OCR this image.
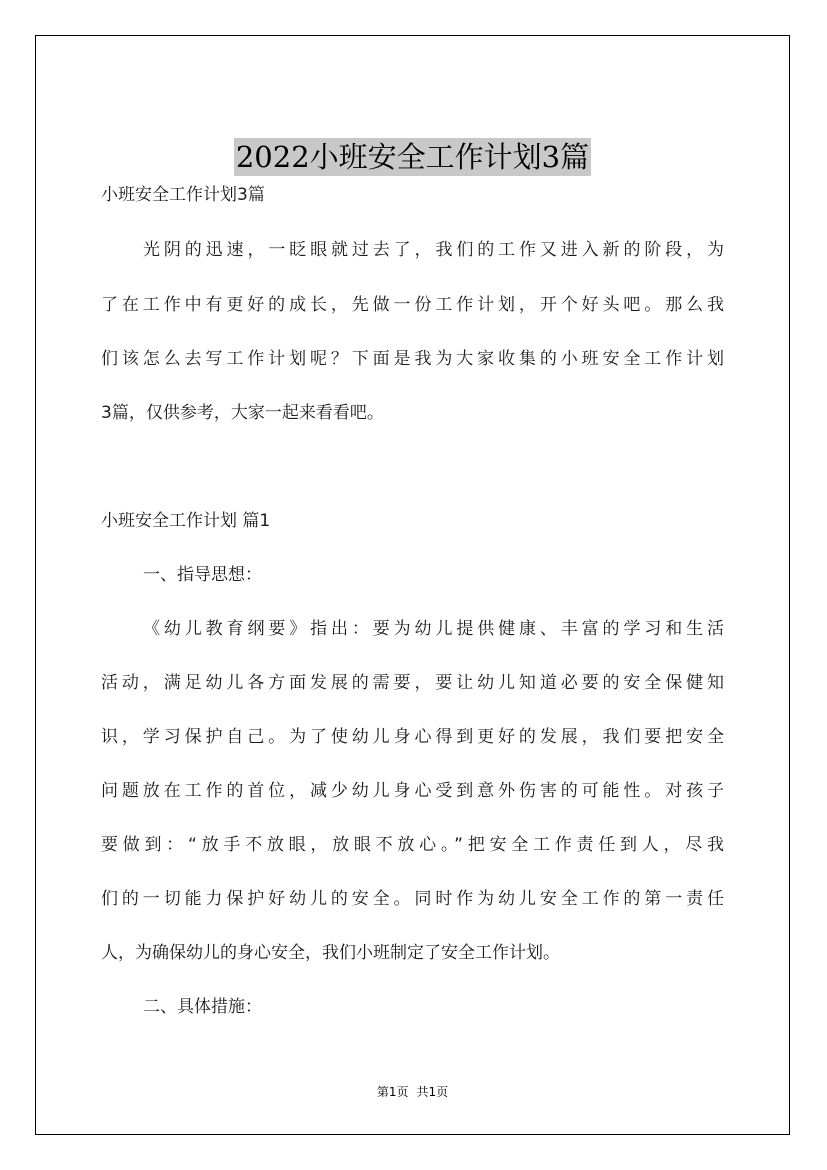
2022小班安全工作计划3篇
小班安全工作计划3篇
光阴的迅速，一眨眼就过去了，我们的工作又进入新的阶段，为
了在工作中有更好的成长，先做一份工作计划，开个好头吧。那么我
们该怎么去写工作计划呢？下面是我为大家收集的小班安全工作计划
3篇，仅供参考，大家一起来看看吧。
小班安全工作计划 篇1
一、指导思想：
《幼儿教育纲要》指出：要为幼儿提供健康、丰富的学习和生活
活动，满足幼儿各方面发展的需要，要让幼儿知道必要的安全保健知
识，学习保护自己。为了使幼儿身心得到更好的发展，我们要把安全
问题放在工作的首位，减少幼儿身心受到意外伤害的可能性。对孩子
要做到：“放手不放眼，放眼不放心。”把安全工作责任到人，尽我
们的一切能力保护好幼儿的安全。同时作为幼儿安全工作的第一责任
人，为确保幼儿的身心安全，我们小班制定了安全工作计划。
二、具体措施：
第1页 共1页
